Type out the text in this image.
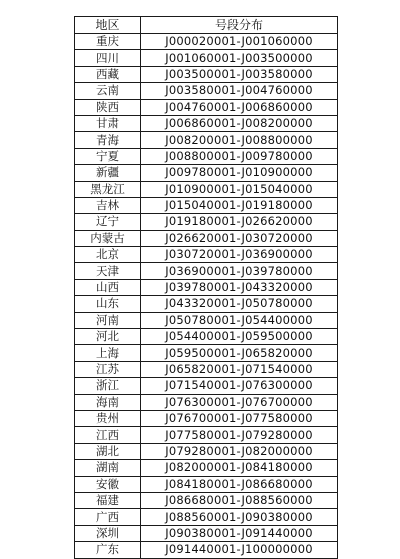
地区	号段分布
重庆	J000020001-J001060000
四川	J001060001-J003500000
西藏	J003500001-J003580000
云南	J003580001-J004760000
陕西	J004760001-J006860000
甘肃	J006860001-J008200000
青海	J008200001-J008800000
宁夏	J008800001-J009780000
新疆	J009780001-J010900000
黑龙江	J010900001-J015040000
吉林	J015040001-J019180000
辽宁	J019180001-J026620000
内蒙古	J026620001-J030720000
北京	J030720001-J036900000
天津	J036900001-J039780000
山西	J039780001-J043320000
山东	J043320001-J050780000
河南	J050780001-J054400000
河北	J054400001-J059500000
上海	J059500001-J065820000
江苏	J065820001-J071540000
浙江	J071540001-J076300000
海南	J076300001-J076700000
贵州	J076700001-J077580000
江西	J077580001-J079280000
湖北	J079280001-J082000000
湖南	J082000001-J084180000
安徽	J084180001-J086680000
福建	J086680001-J088560000
广西	J088560001-J090380000
深圳	J090380001-J091440000
广东	J091440001-J100000000
